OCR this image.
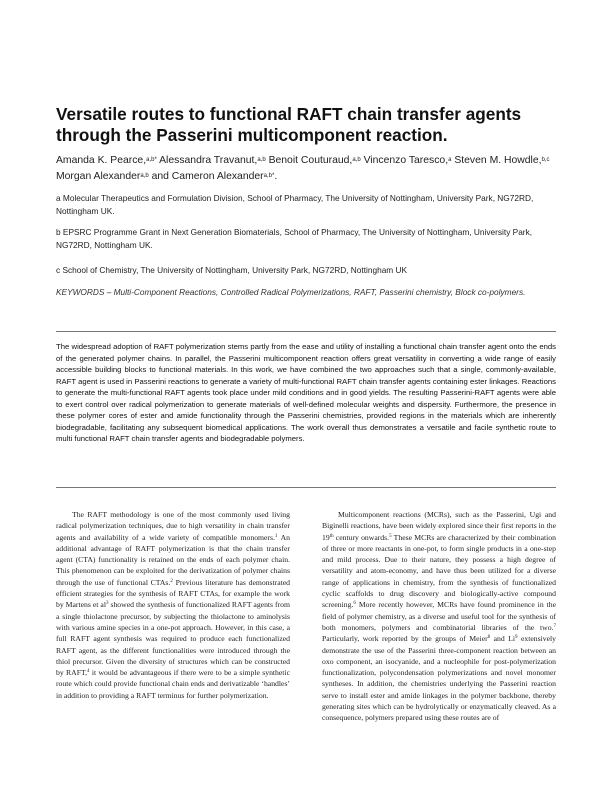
Versatile routes to functional RAFT chain transfer agents through the Passerini multicomponent reaction.
Amanda K. Pearce,$^{a,b*}$ Alessandra Travanut,$^{a,b}$ Benoit Couturaud,$^{a,b}$ Vincenzo Taresco,$^a$ Steven M. Howdle,$^{b,c}$ Morgan Alexander$^{a,b}$ and Cameron Alexander$^{a,b*}$.
a Molecular Therapeutics and Formulation Division, School of Pharmacy, The University of Nottingham, University Park, NG72RD, Nottingham UK.
b EPSRC Programme Grant in Next Generation Biomaterials, School of Pharmacy, The University of Nottingham, University Park, NG72RD, Nottingham UK.
c School of Chemistry, The University of Nottingham, University Park, NG72RD, Nottingham UK
KEYWORDS – Multi-Component Reactions, Controlled Radical Polymerizations, RAFT, Passerini chemistry, Block co-polymers.
The widespread adoption of RAFT polymerization stems partly from the ease and utility of installing a functional chain transfer agent onto the ends of the generated polymer chains. In parallel, the Passerini multicomponent reaction offers great versatility in converting a wide range of easily accessible building blocks to functional materials. In this work, we have combined the two approaches such that a single, commonly-available, RAFT agent is used in Passerini reactions to generate a variety of multi-functional RAFT chain transfer agents containing ester linkages. Reactions to generate the multi-functional RAFT agents took place under mild conditions and in good yields. The resulting Passerini-RAFT agents were able to exert control over radical polymerization to generate materials of well-defined molecular weights and dispersity. Furthermore, the presence in these polymer cores of ester and amide functionality through the Passerini chemistries, provided regions in the materials which are inherently biodegradable, facilitating any subsequent biomedical applications. The work overall thus demonstrates a versatile and facile synthetic route to multi functional RAFT chain transfer agents and biodegradable polymers.

The RAFT methodology is one of the most commonly used living radical polymerization techniques, due to high versatility in chain transfer agents and availability of a wide variety of compatible monomers.$^1$ An additional advantage of RAFT polymerization is that the chain transfer agent (CTA) functionality is retained on the ends of each polymer chain. This phenomenon can be exploited for the derivatization of polymer chains through the use of functional CTAs.$^2$ Previous literature has demonstrated efficient strategies for the synthesis of RAFT CTAs, for example the work by Martens et $al^3$ showed the synthesis of functionalized RAFT agents from a single thiolactone precursor, by subjecting the thiolactone to aminolysis with various amine species in a one-pot approach. However, in this case, a full RAFT agent synthesis was required to produce each functionalized RAFT agent, as the different functionalities were introduced through the thiol precursor. Given the diversity of structures which can be constructed by RAFT,$^4$ it would be advantageous if there were to be a simple synthetic route which could provide functional chain ends and derivatizable ‘handles’ in addition to providing a RAFT terminus for further polymerization.

Multicomponent reactions (MCRs), such as the Passerini, Ugi and Biginelli reactions, have been widely explored since their first reports in the 19th century onwards.$^5$ These MCRs are characterized by their combination of three or more reactants in one-pot, to form single products in a one-step and mild process. Due to their nature, they possess a high degree of versatility and atom-economy, and have thus been utilized for a diverse range of applications in chemistry, from the synthesis of functionalized cyclic scaffolds to drug discovery and biologically-active compound screening.$^6$ More recently however, MCRs have found prominence in the field of polymer chemistry, as a diverse and useful tool for the synthesis of both monomers, polymers and combinatorial libraries of the two.$^7$ Particularly, work reported by the groups of Meier$^8$ and Li$^9$ extensively demonstrate the use of the Passerini three-component reaction between an oxo component, an isocyanide, and a nucleophile for post-polymerization functionalization, polycondensation polymerizations and novel monomer syntheses. In addition, the chemistries underlying the Passerini reaction serve to install ester and amide linkages in the polymer backbone, thereby generating sites which can be hydrolytically or enzymatically cleaved. As a consequence, polymers prepared using these routes are of
